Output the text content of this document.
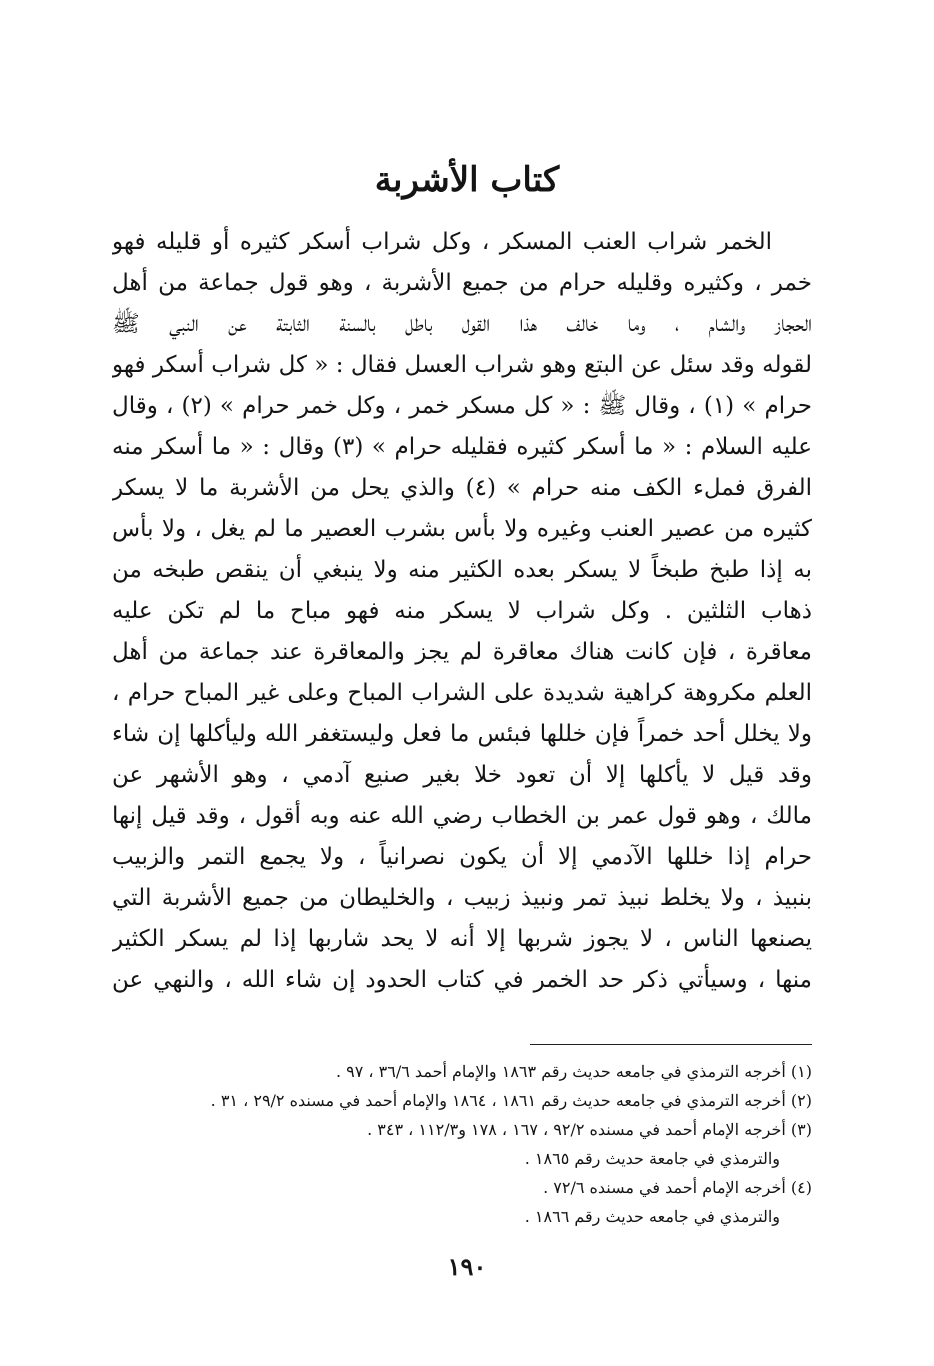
كتاب الأشربة
الخمر شراب العنب المسكر ، وكل شراب أسكر كثيره أو قليله فهو
خمر ، وكثيره وقليله حرام من جميع الأشربة ، وهو قول جماعة من أهل
الحجاز والشام ، وما خالف هذا القول باطل بالسنة الثابتة عن النبي ﷺ
لقوله وقد سئل عن البتع وهو شراب العسل فقال : « كل شراب أسكر فهو
حرام » (١) ، وقال ﷺ : « كل مسكر خمر ، وكل خمر حرام » (٢) ، وقال
عليه السلام : « ما أسكر كثيره فقليله حرام » (٣) وقال : « ما أسكر منه
الفرق فملء الكف منه حرام » (٤) والذي يحل من الأشربة ما لا يسكر
كثيره من عصير العنب وغيره ولا بأس بشرب العصير ما لم يغل ، ولا بأس
به إذا طبخ طبخاً لا يسكر بعده الكثير منه ولا ينبغي أن ينقص طبخه من
ذهاب الثلثين . وكل شراب لا يسكر منه فهو مباح ما لم تكن عليه
معاقرة ، فإن كانت هناك معاقرة لم يجز والمعاقرة عند جماعة من أهل
العلم مكروهة كراهية شديدة على الشراب المباح وعلى غير المباح حرام ،
ولا يخلل أحد خمراً فإن خللها فبئس ما فعل وليستغفر الله وليأكلها إن شاء
وقد قيل لا يأكلها إلا أن تعود خلا بغير صنيع آدمي ، وهو الأشهر عن
مالك ، وهو قول عمر بن الخطاب رضي الله عنه وبه أقول ، وقد قيل إنها
حرام إذا خللها الآدمي إلا أن يكون نصرانياً ، ولا يجمع التمر والزبيب
بنبيذ ، ولا يخلط نبيذ تمر ونبيذ زبيب ، والخليطان من جميع الأشربة التي
يصنعها الناس ، لا يجوز شربها إلا أنه لا يحد شاربها إذا لم يسكر الكثير
منها ، وسيأتي ذكر حد الخمر في كتاب الحدود إن شاء الله ، والنهي عن
(١) أخرجه الترمذي في جامعه حديث رقم ١٨٦٣ والإمام أحمد ٣٦/٦ ، ٩٧ .
(٢) أخرجه الترمذي في جامعه حديث رقم ١٨٦١ ، ١٨٦٤ والإمام أحمد في مسنده ٢٩/٢ ، ٣١ .
(٣) أخرجه الإمام أحمد في مسنده ٩٢/٢ ، ١٦٧ ، ١٧٨ و١١٢/٣ ، ٣٤٣ .
والترمذي في جامعة حديث رقم ١٨٦٥ .
(٤) أخرجه الإمام أحمد في مسنده ٧٢/٦ .
والترمذي في جامعه حديث رقم ١٨٦٦ .
١٩٠
